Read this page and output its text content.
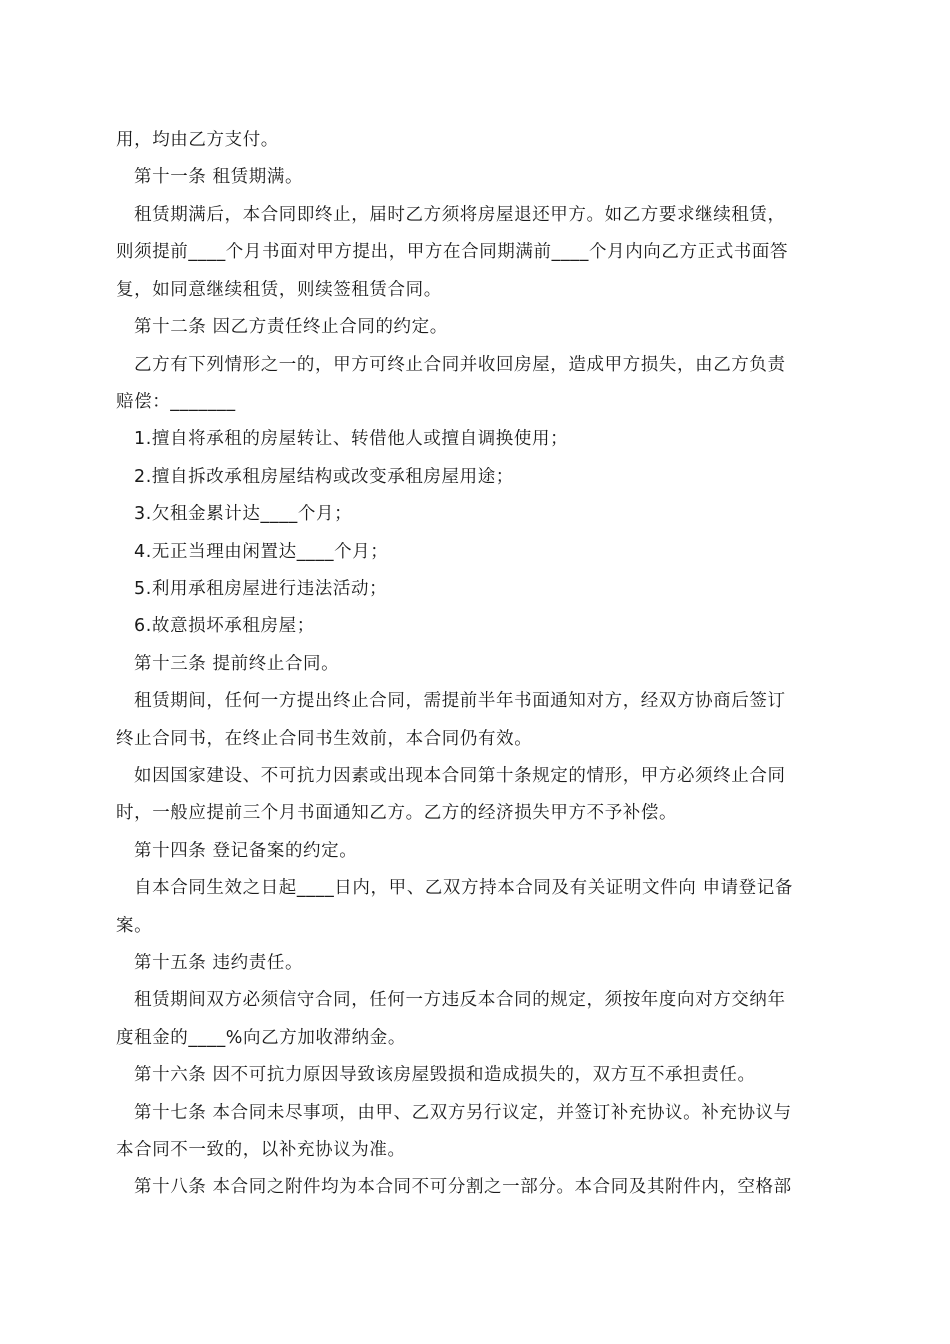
用，均由乙方支付。
第十一条 租赁期满。
租赁期满后，本合同即终止，届时乙方须将房屋退还甲方。如乙方要求继续租赁，
则须提前____个月书面对甲方提出，甲方在合同期满前____个月内向乙方正式书面答
复，如同意继续租赁，则续签租赁合同。
第十二条 因乙方责任终止合同的约定。
乙方有下列情形之一的，甲方可终止合同并收回房屋，造成甲方损失，由乙方负责
赔偿：_______
1.擅自将承租的房屋转让、转借他人或擅自调换使用；
2.擅自拆改承租房屋结构或改变承租房屋用途；
3.欠租金累计达____个月；
4.无正当理由闲置达____个月；
5.利用承租房屋进行违法活动；
6.故意损坏承租房屋；
第十三条 提前终止合同。
租赁期间，任何一方提出终止合同，需提前半年书面通知对方，经双方协商后签订
终止合同书，在终止合同书生效前，本合同仍有效。
如因国家建设、不可抗力因素或出现本合同第十条规定的情形，甲方必须终止合同
时，一般应提前三个月书面通知乙方。乙方的经济损失甲方不予补偿。
第十四条 登记备案的约定。
自本合同生效之日起____日内，甲、乙双方持本合同及有关证明文件向 申请登记备
案。
第十五条 违约责任。
租赁期间双方必须信守合同，任何一方违反本合同的规定，须按年度向对方交纳年
度租金的____%向乙方加收滞纳金。
第十六条 因不可抗力原因导致该房屋毁损和造成损失的，双方互不承担责任。
第十七条 本合同未尽事项，由甲、乙双方另行议定，并签订补充协议。补充协议与
本合同不一致的，以补充协议为准。
第十八条 本合同之附件均为本合同不可分割之一部分。本合同及其附件内，空格部
